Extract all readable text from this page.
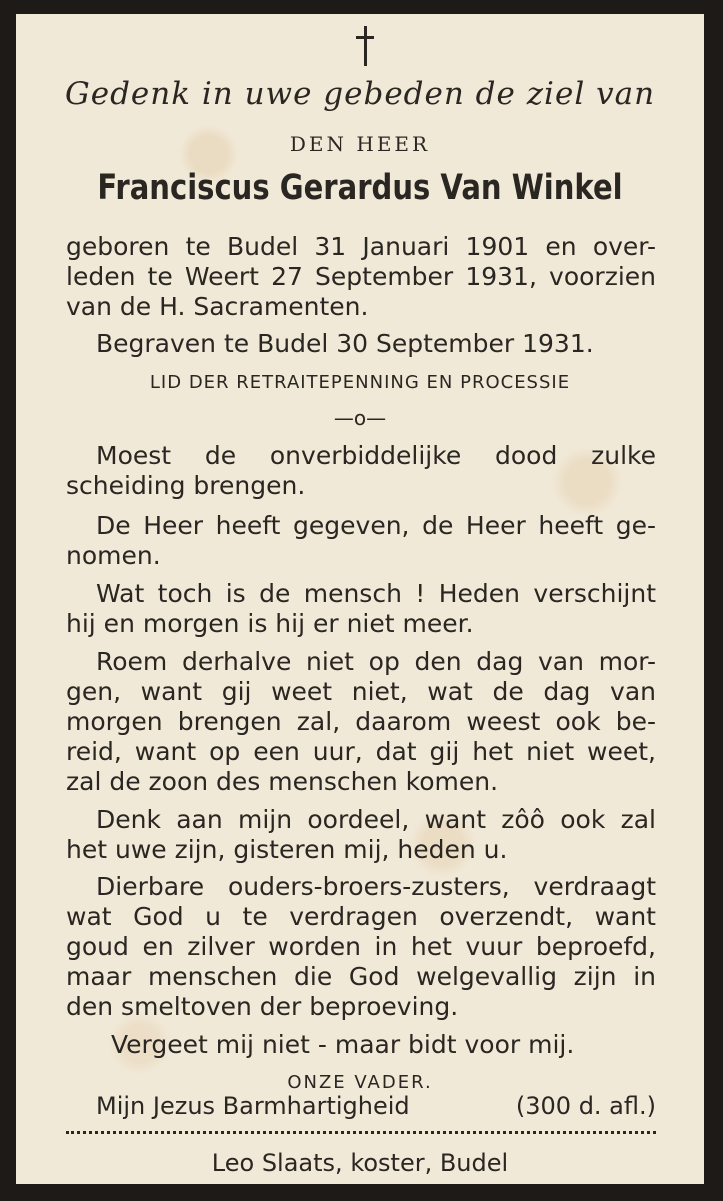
Gedenk in uwe gebeden de ziel van
DEN HEER
Franciscus Gerardus Van Winkel
geboren te Budel 31 Januari 1901 en over-
leden te Weert 27 September 1931, voorzien
van de H. Sacramenten.
Begraven te Budel 30 September 1931.
LID DER RETRAITEPENNING EN PROCESSIE
—o—
Moest de onverbiddelijke dood zulke
scheiding brengen.
De Heer heeft gegeven, de Heer heeft ge-
nomen.
Wat toch is de mensch ! Heden verschijnt
hij en morgen is hij er niet meer.
Roem derhalve niet op den dag van mor-
gen, want gij weet niet, wat de dag van
morgen brengen zal, daarom weest ook be-
reid, want op een uur, dat gij het niet weet,
zal de zoon des menschen komen.
Denk aan mijn oordeel, want zôô ook zal
het uwe zijn, gisteren mij, heden u.
Dierbare ouders-broers-zusters, verdraagt
wat God u te verdragen overzendt, want
goud en zilver worden in het vuur beproefd,
maar menschen die God welgevallig zijn in
den smeltoven der beproeving.
Vergeet mij niet - maar bidt voor mij.
ONZE VADER.
Mijn Jezus Barmhartigheid	(300 d. afl.)
Leo Slaats, koster, Budel
